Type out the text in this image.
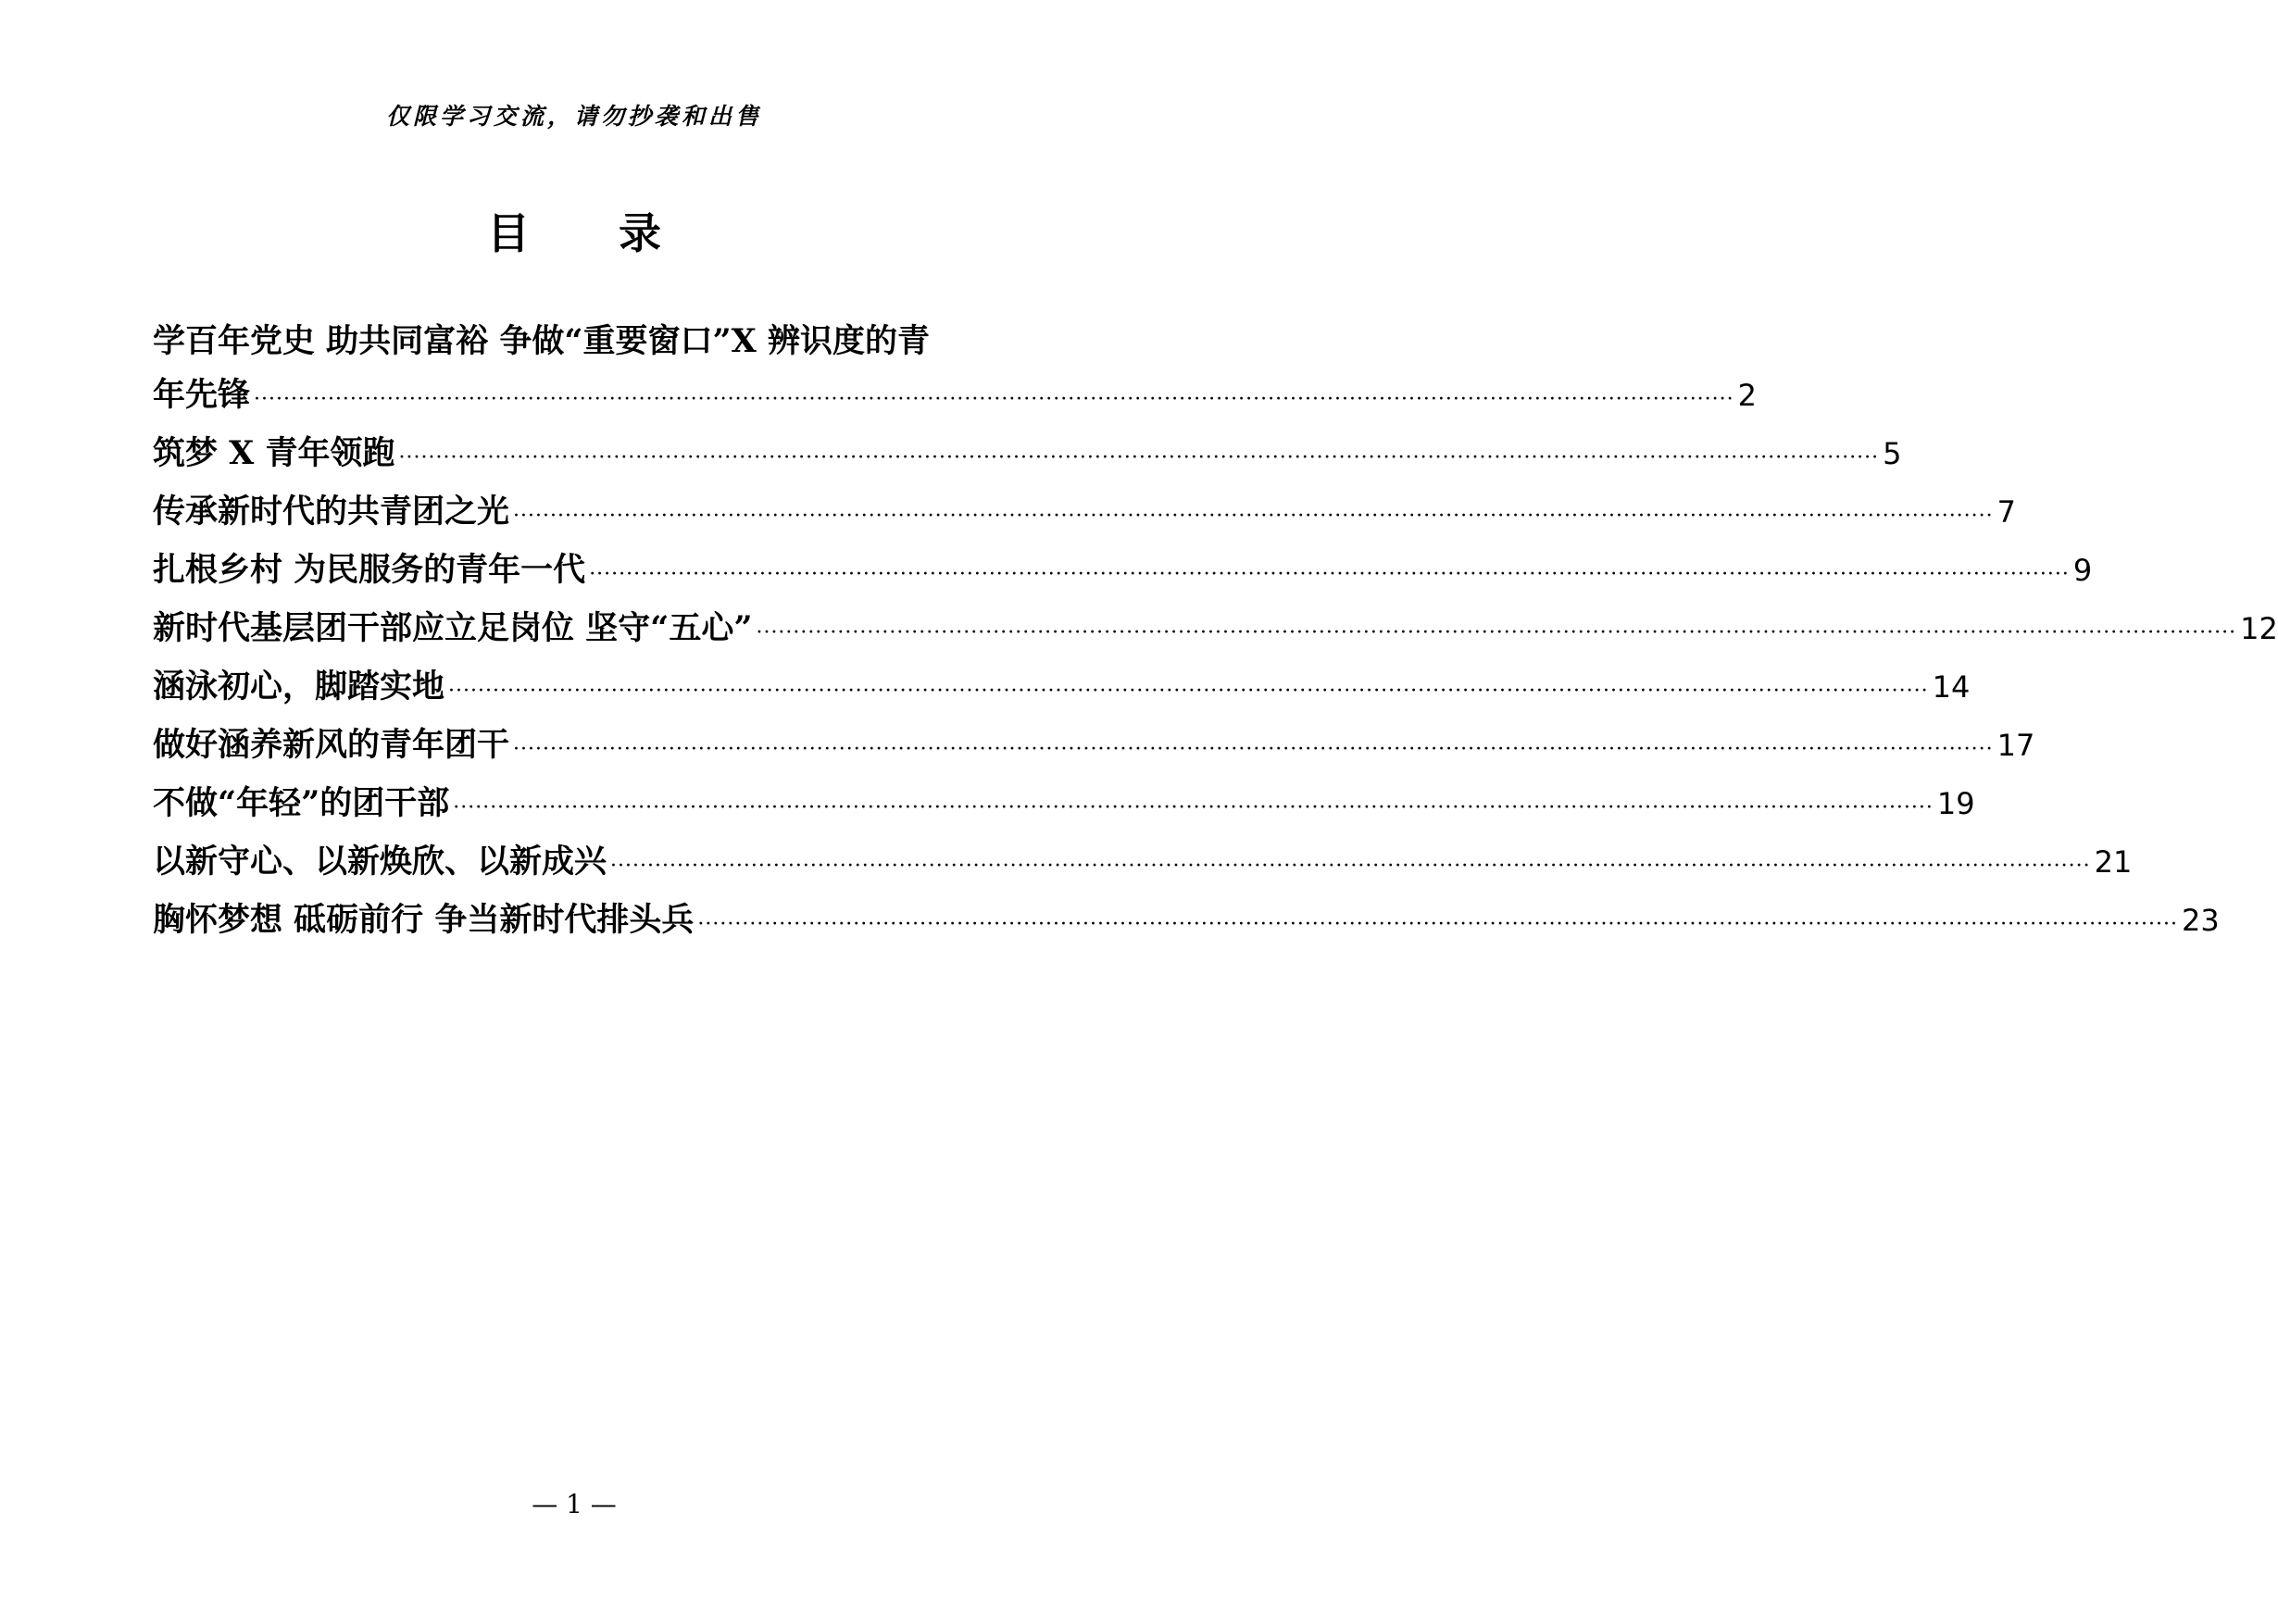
仅限学习交流，请勿抄袭和出售
目 录
学百年党史 助共同富裕 争做“重要窗口”X 辨识度的青
年先锋 ········································································································································································································ 2
筑梦 X 青年领跑 ········································································································································································································ 5
传承新时代的共青团之光 ········································································································································································································ 7
扎根乡村 为民服务的青年一代 ········································································································································································································ 9
新时代基层团干部应立足岗位 坚守“五心” ········································································································································································································ 12
涵泳初心，脚踏实地 ········································································································································································································ 14
做好涵养新风的青年团干 ········································································································································································································ 17
不做“年轻”的团干部 ········································································································································································································ 19
以新守心、以新焕欣、以新成兴 ········································································································································································································ 21
胸怀梦想 砥砺前行 争当新时代排头兵 ········································································································································································································ 23
— 1 —
